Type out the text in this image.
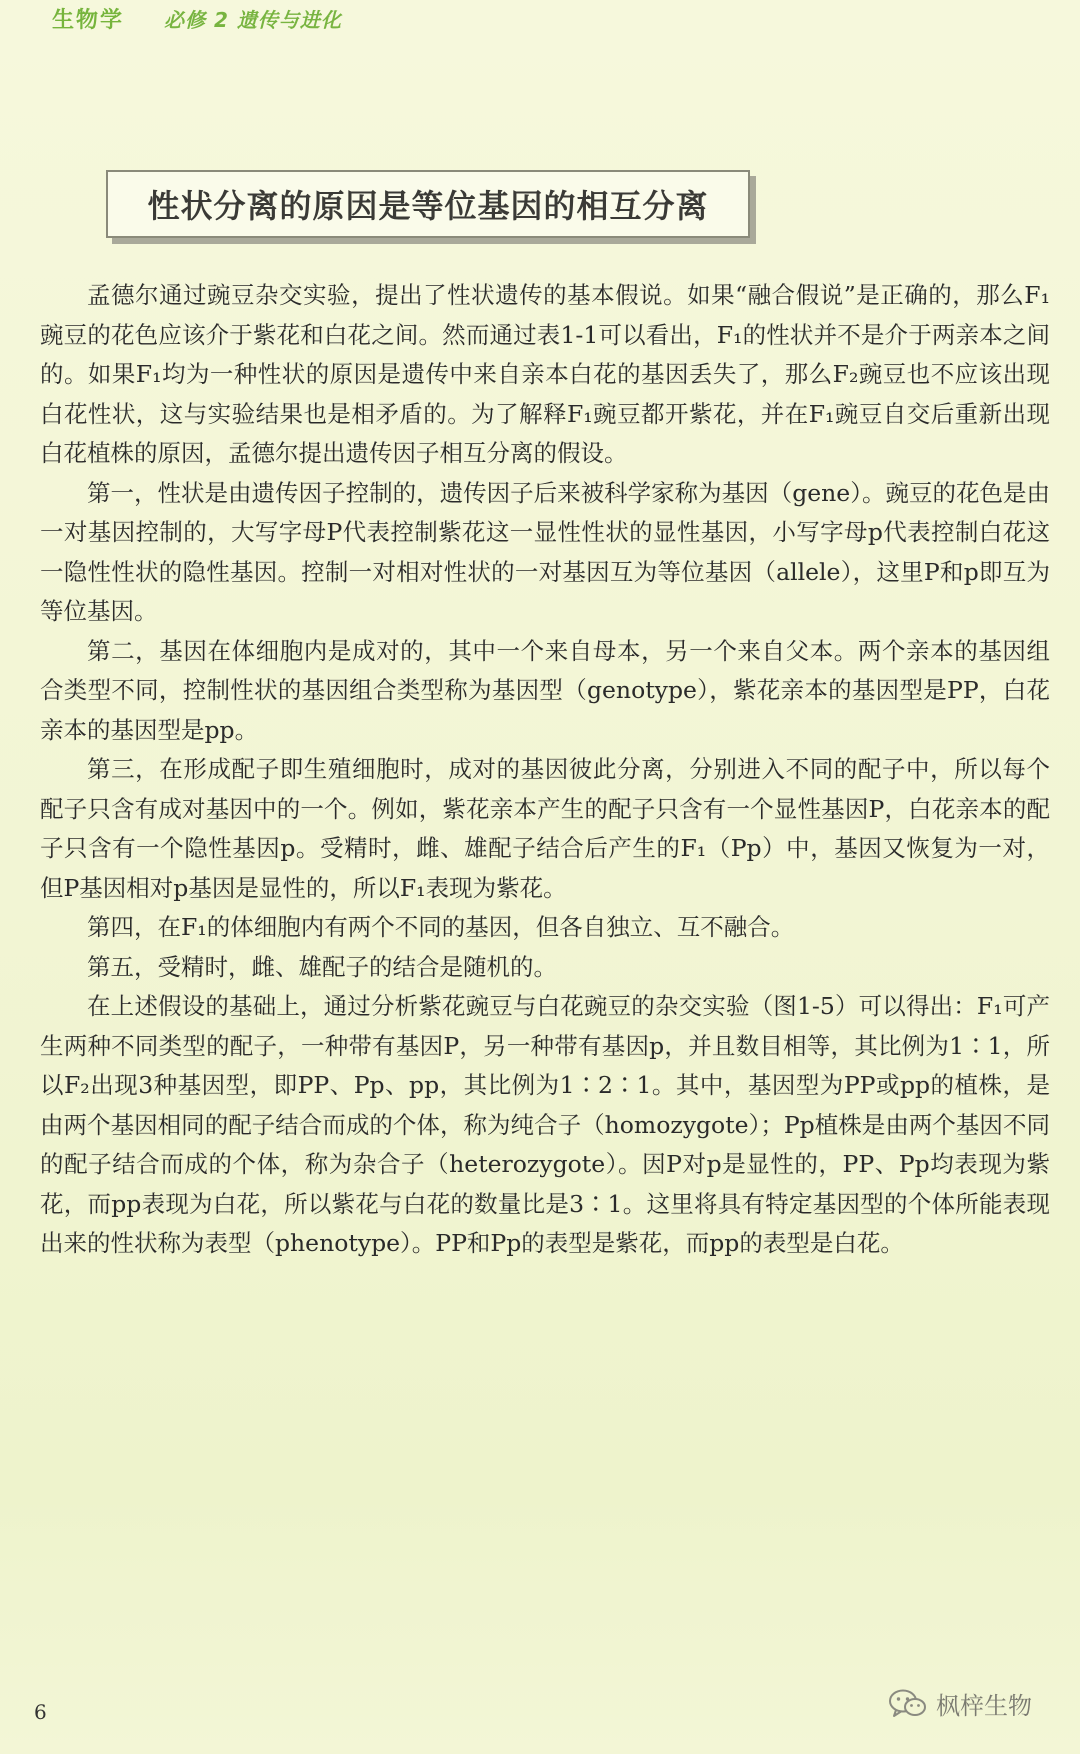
生物学 必修 2 遗传与进化
性状分离的原因是等位基因的相互分离

孟德尔通过豌豆杂交实验，提出了性状遗传的基本假说。如果“融合假说”是正确的，那么F₁豌豆的花色应该介于紫花和白花之间。然而通过表1-1可以看出，F₁的性状并不是介于两亲本之间的。如果F₁均为一种性状的原因是遗传中来自亲本白花的基因丢失了，那么F₂豌豆也不应该出现白花性状，这与实验结果也是相矛盾的。为了解释F₁豌豆都开紫花，并在F₁豌豆自交后重新出现白花植株的原因，孟德尔提出遗传因子相互分离的假设。

第一，性状是由遗传因子控制的，遗传因子后来被科学家称为基因（gene）。豌豆的花色是由一对基因控制的，大写字母P代表控制紫花这一显性性状的显性基因，小写字母p代表控制白花这一隐性性状的隐性基因。控制一对相对性状的一对基因互为等位基因（allele），这里P和p即互为等位基因。

第二，基因在体细胞内是成对的，其中一个来自母本，另一个来自父本。两个亲本的基因组合类型不同，控制性状的基因组合类型称为基因型（genotype），紫花亲本的基因型是PP，白花亲本的基因型是pp。

第三，在形成配子即生殖细胞时，成对的基因彼此分离，分别进入不同的配子中，所以每个配子只含有成对基因中的一个。例如，紫花亲本产生的配子只含有一个显性基因P，白花亲本的配子只含有一个隐性基因p。受精时，雌、雄配子结合后产生的F₁（Pp）中，基因又恢复为一对，但P基因相对p基因是显性的，所以F₁表现为紫花。

第四，在F₁的体细胞内有两个不同的基因，但各自独立、互不融合。

第五，受精时，雌、雄配子的结合是随机的。

在上述假设的基础上，通过分析紫花豌豆与白花豌豆的杂交实验（图1-5）可以得出：F₁可产生两种不同类型的配子，一种带有基因P，另一种带有基因p，并且数目相等，其比例为1∶1，所以F₂出现3种基因型，即PP、Pp、pp，其比例为1∶2∶1。其中，基因型为PP或pp的植株，是由两个基因相同的配子结合而成的个体，称为纯合子（homozygote）；Pp植株是由两个基因不同的配子结合而成的个体，称为杂合子（heterozygote）。因P对p是显性的，PP、Pp均表现为紫花，而pp表现为白花，所以紫花与白花的数量比是3∶1。这里将具有特定基因型的个体所能表现出来的性状称为表型（phenotype）。PP和Pp的表型是紫花，而pp的表型是白花。

6	枫梓生物
